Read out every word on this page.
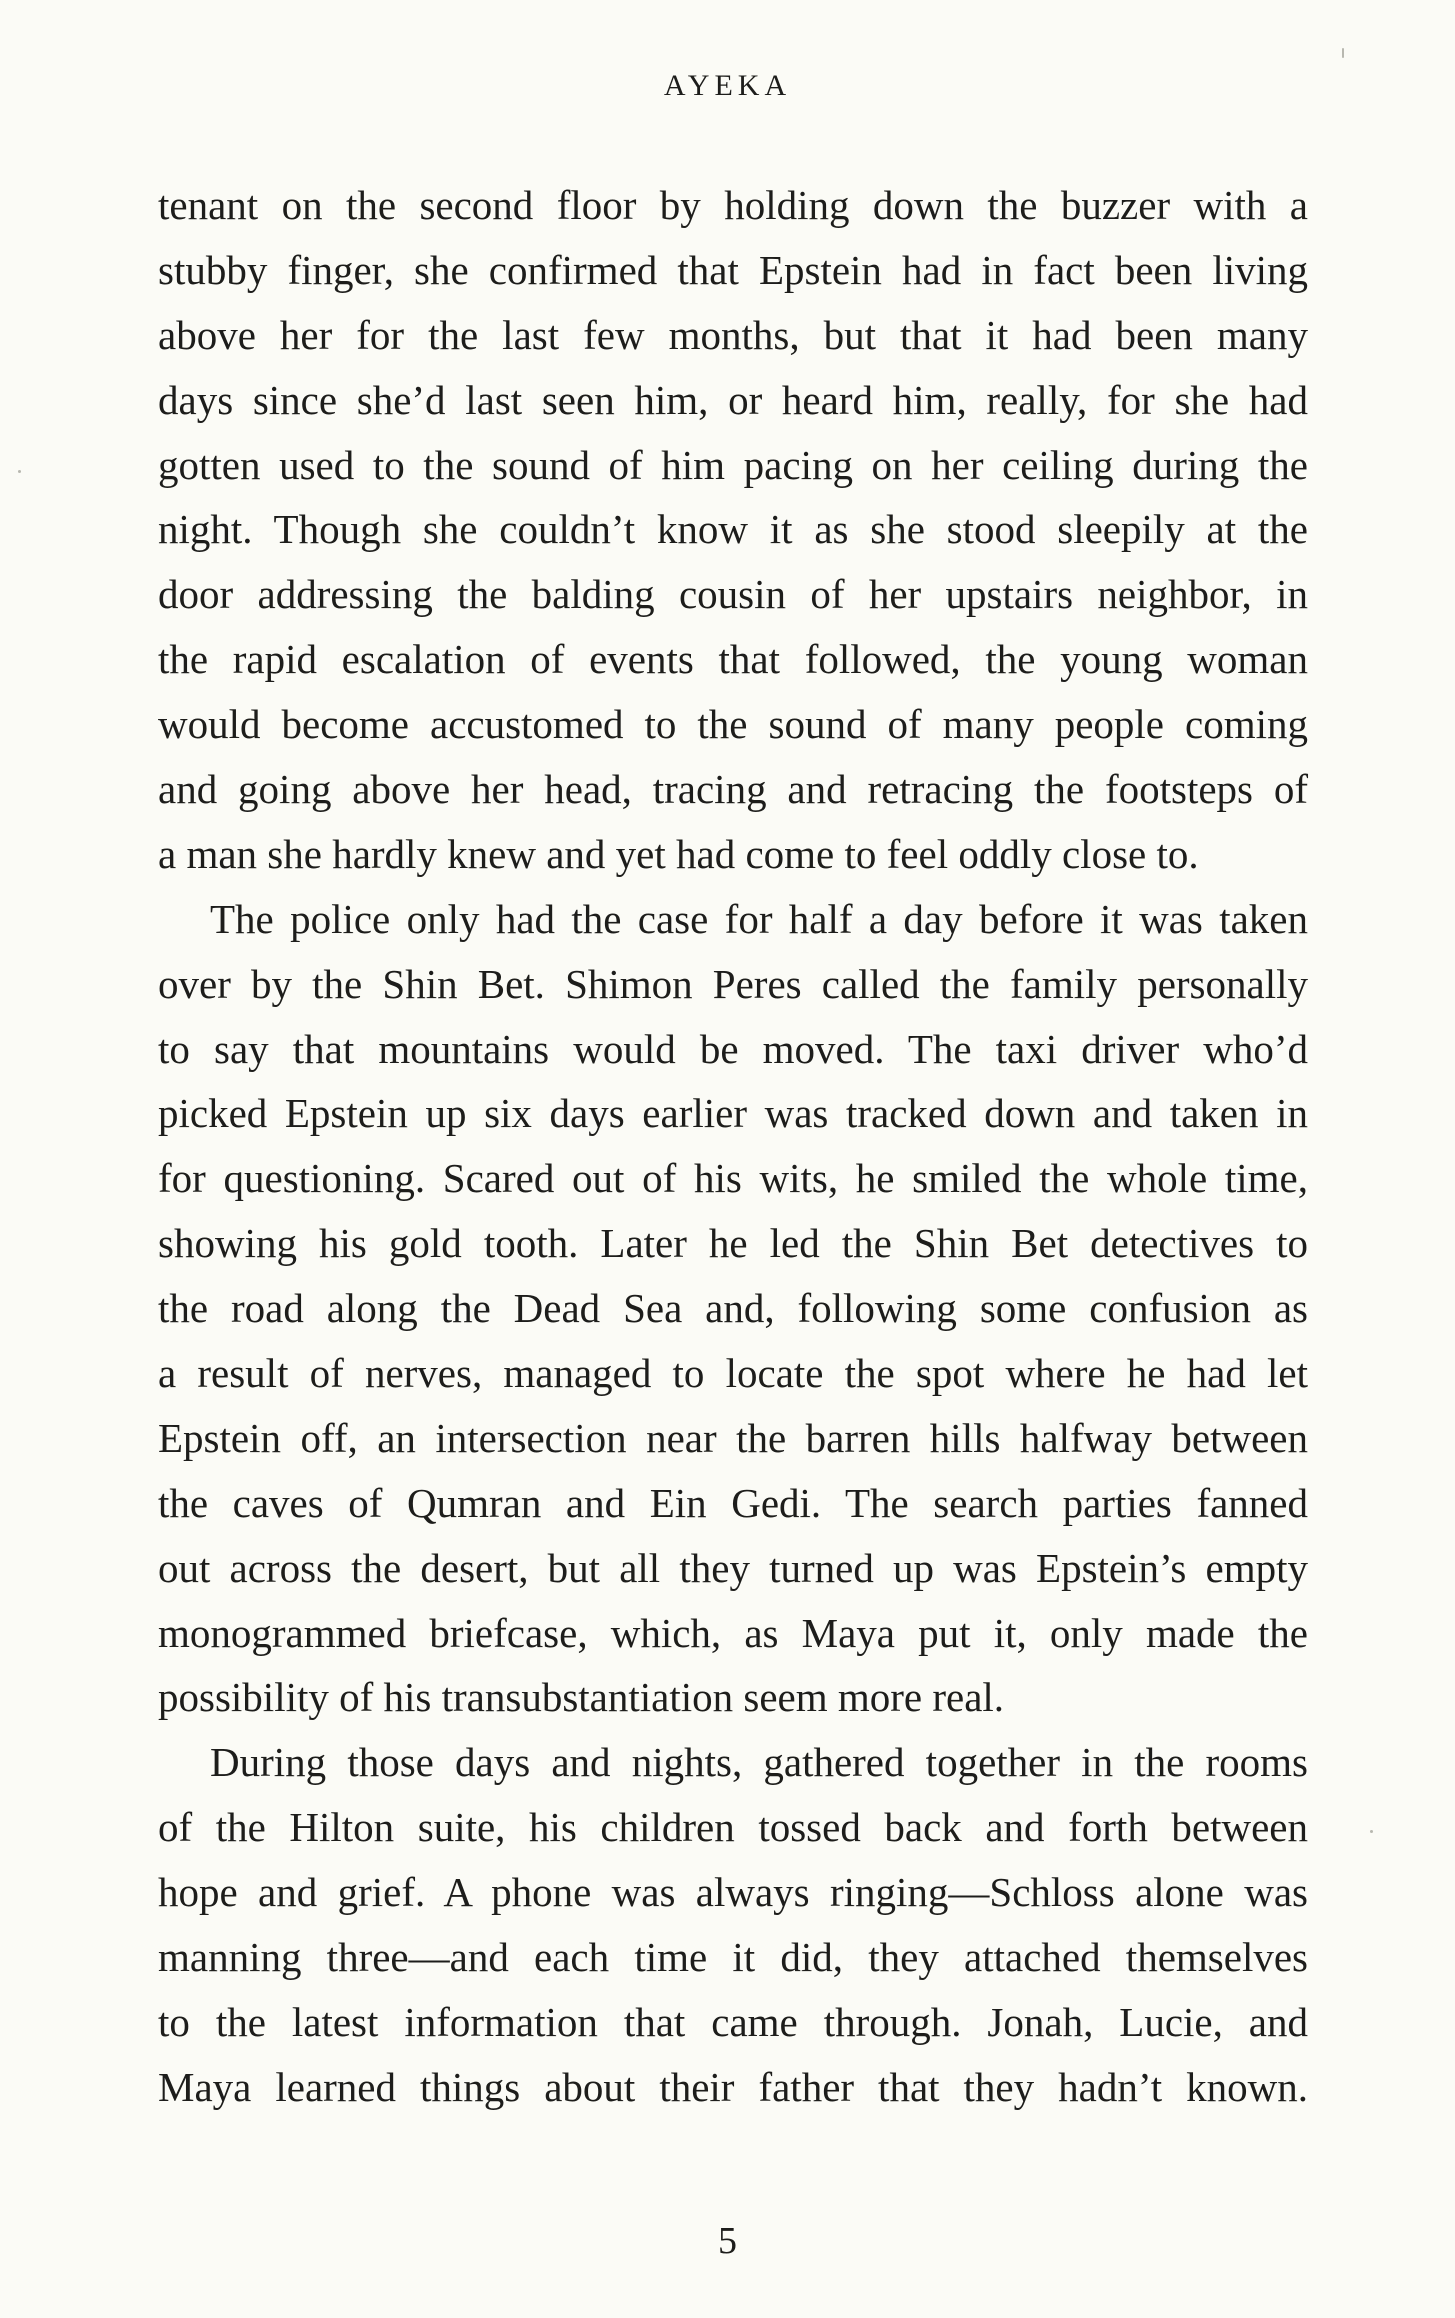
AYEKA

tenant on the second floor by holding down the buzzer with a
stubby finger, she confirmed that Epstein had in fact been living
above her for the last few months, but that it had been many
days since she’d last seen him, or heard him, really, for she had
gotten used to the sound of him pacing on her ceiling during the
night. Though she couldn’t know it as she stood sleepily at the
door addressing the balding cousin of her upstairs neighbor, in
the rapid escalation of events that followed, the young woman
would become accustomed to the sound of many people coming
and going above her head, tracing and retracing the footsteps of
a man she hardly knew and yet had come to feel oddly close to.

The police only had the case for half a day before it was taken
over by the Shin Bet. Shimon Peres called the family personally
to say that mountains would be moved. The taxi driver who’d
picked Epstein up six days earlier was tracked down and taken in
for questioning. Scared out of his wits, he smiled the whole time,
showing his gold tooth. Later he led the Shin Bet detectives to
the road along the Dead Sea and, following some confusion as
a result of nerves, managed to locate the spot where he had let
Epstein off, an intersection near the barren hills halfway between
the caves of Qumran and Ein Gedi. The search parties fanned
out across the desert, but all they turned up was Epstein’s empty
monogrammed briefcase, which, as Maya put it, only made the
possibility of his transubstantiation seem more real.

During those days and nights, gathered together in the rooms
of the Hilton suite, his children tossed back and forth between
hope and grief. A phone was always ringing—Schloss alone was
manning three—and each time it did, they attached themselves
to the latest information that came through. Jonah, Lucie, and
Maya learned things about their father that they hadn’t known.

5
